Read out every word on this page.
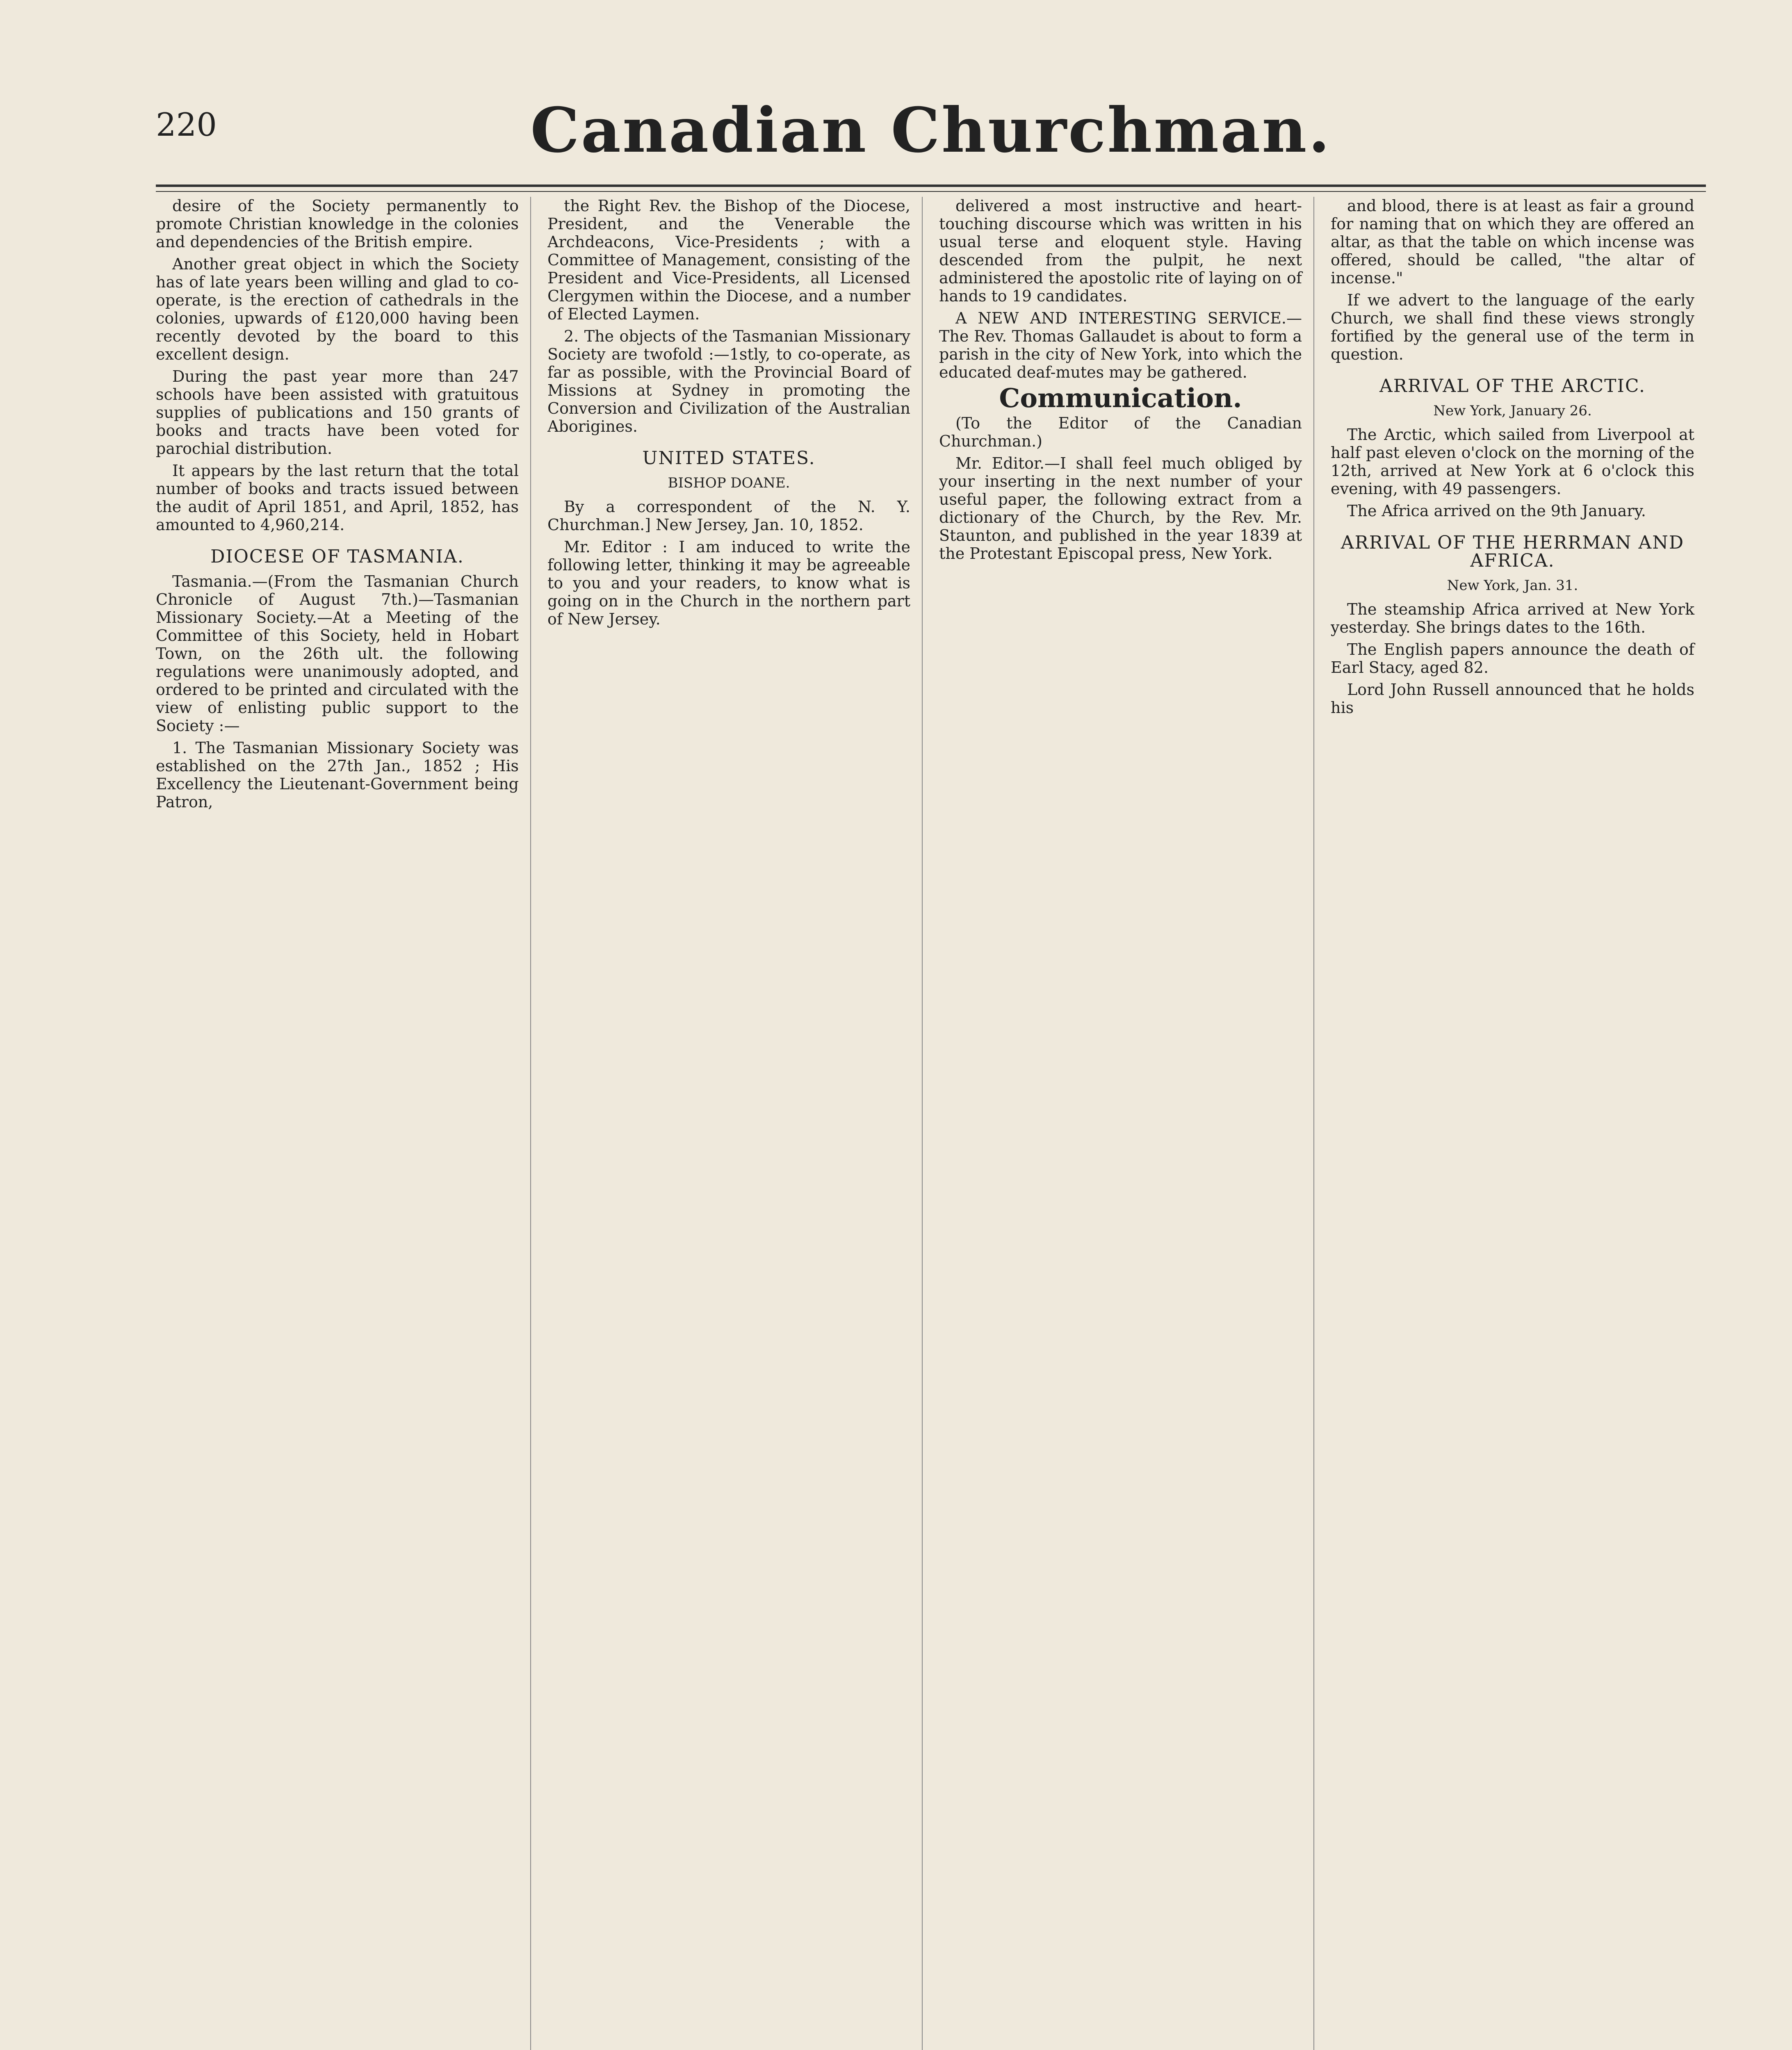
220	Canadian Churchman.

desire of the Society permanently to promote Christian knowledge in the colonies and dependencies of the British empire.

Another great object in which the Society has of late years been willing and glad to co-operate, is the erection of cathedrals in the colonies, upwards of £120,000 having been recently devoted by the board to this excellent design.

During the past year more than 247 schools have been assisted with gratuitous supplies of publications and 150 grants of books and tracts have been voted for parochial distribution.

It appears by the last return that the total number of books and tracts issued between the audit of April 1851, and April, 1852, has amounted to 4,960,214.

DIOCESE OF TASMANIA.

Tasmania.—(From the Tasmanian Church Chronicle of August 7th.)—Tasmanian Missionary Society.—At a Meeting of the Committee of this Society, held in Hobart Town, on the 26th ult. the following regulations were unanimously adopted, and ordered to be printed and circulated with the view of enlisting public support to the Society :—

1. The Tasmanian Missionary Society was established on the 27th Jan., 1852 ; His Excellency the Lieutenant-Government being Patron,

the Right Rev. the Bishop of the Diocese, President, and the Venerable the Archdeacons, Vice-Presidents ; with a Committee of Management, consisting of the President and Vice-Presidents, all Licensed Clergymen within the Diocese, and a number of Elected Laymen.

2. The objects of the Tasmanian Missionary Society are twofold :—1stly, to co-operate, as far as possible, with the Provincial Board of Missions at Sydney in promoting the Conversion and Civilization of the Australian Aborigines.

UNITED STATES.
BISHOP DOANE.

By a correspondent of the N. Y. Churchman.] New Jersey, Jan. 10, 1852.

Mr. Editor : I am induced to write the following letter, thinking it may be agreeable to you and your readers, to know what is going on in the Church in the northern part of New Jersey.

delivered a most instructive and heart-touching discourse which was written in his usual terse and eloquent style. Having descended from the pulpit, he next administered the apostolic rite of laying on of hands to 19 candidates.

A NEW AND INTERESTING SERVICE.—The Rev. Thomas Gallaudet is about to form a parish in the city of New York, into which the educated deaf-mutes may be gathered.

Communication.

(To the Editor of the Canadian Churchman.)

Mr. Editor.—I shall feel much obliged by your inserting in the next number of your useful paper, the following extract from a dictionary of the Church, by the Rev. Mr. Staunton, and published in the year 1839 at the Protestant Episcopal press, New York.

and blood, there is at least as fair a ground for naming that on which they are offered an altar, as that the table on which incense was offered, should be called, "the altar of incense."

If we advert to the language of the early Church, we shall find these views strongly fortified by the general use of the term in question.

ARRIVAL OF THE ARCTIC.
New York, January 26.

The Arctic, which sailed from Liverpool at half past eleven o'clock on the morning of the 12th, arrived at New York at 6 o'clock this evening, with 49 passengers.

The Africa arrived on the 9th January.

ARRIVAL OF THE HERRMAN AND AFRICA.
New York, Jan. 31.

The steamship Africa arrived at New York yesterday. She brings dates to the 16th.

The English papers announce the death of Earl Stacy, aged 82.

Lord John Russell announced that he holds his
